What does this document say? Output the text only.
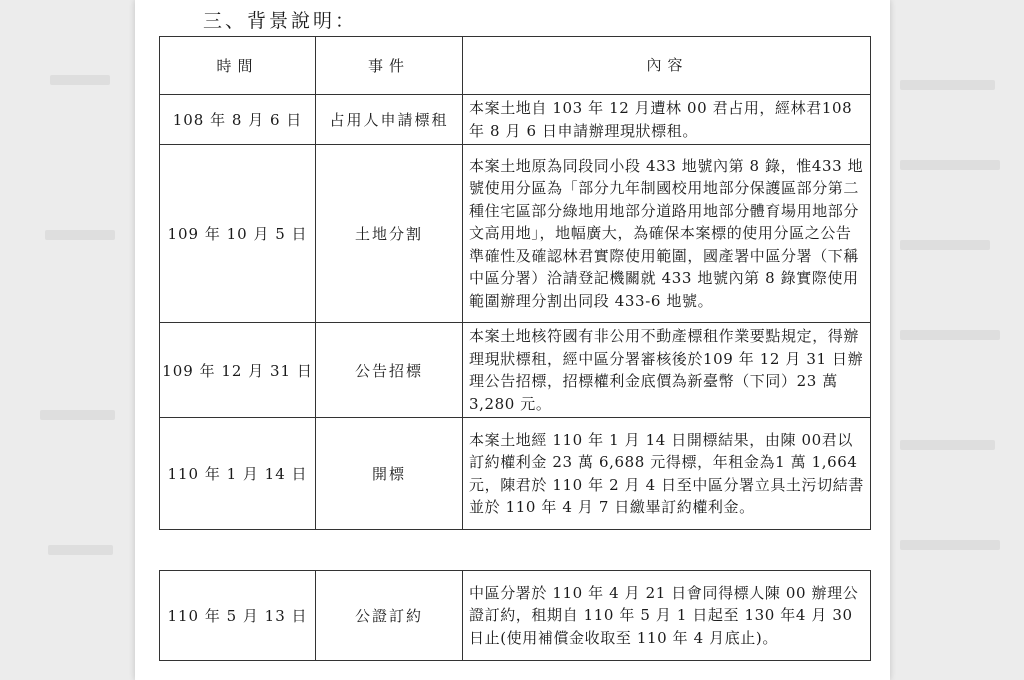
三、背景說明：
時間	事件	內容
108 年 8 月 6 日	占用人申請標租	本案土地自 103 年 12 月遭林 00 君占用，經林君108 年 8 月 6 日申請辦理現狀標租。
109 年 10 月 5 日	土地分割	本案土地原為同段同小段 433 地號內第 8 錄，惟433 地號使用分區為「部分九年制國校用地部分保護區部分第二種住宅區部分綠地用地部分道路用地部分體育場用地部分文高用地」，地幅廣大，為確保本案標的使用分區之公告準確性及確認林君實際使用範圍，國產署中區分署（下稱中區分署）洽請登記機關就 433 地號內第 8 錄實際使用範圍辦理分割出同段 433-6 地號。
109 年 12 月 31 日	公告招標	本案土地核符國有非公用不動產標租作業要點規定，得辦理現狀標租，經中區分署審核後於109 年 12 月 31 日辦理公告招標，招標權利金底價為新臺幣（下同）23 萬 3,280 元。
110 年 1 月 14 日	開標	本案土地經 110 年 1 月 14 日開標結果，由陳 00君以訂約權利金 23 萬 6,688 元得標，年租金為1 萬 1,664 元，陳君於 110 年 2 月 4 日至中區分署立具土污切結書並於 110 年 4 月 7 日繳畢訂約權利金。
110 年 5 月 13 日	公證訂約	中區分署於 110 年 4 月 21 日會同得標人陳 00 辦理公證訂約，租期自 110 年 5 月 1 日起至 130 年4 月 30 日止(使用補償金收取至 110 年 4 月底止)。
